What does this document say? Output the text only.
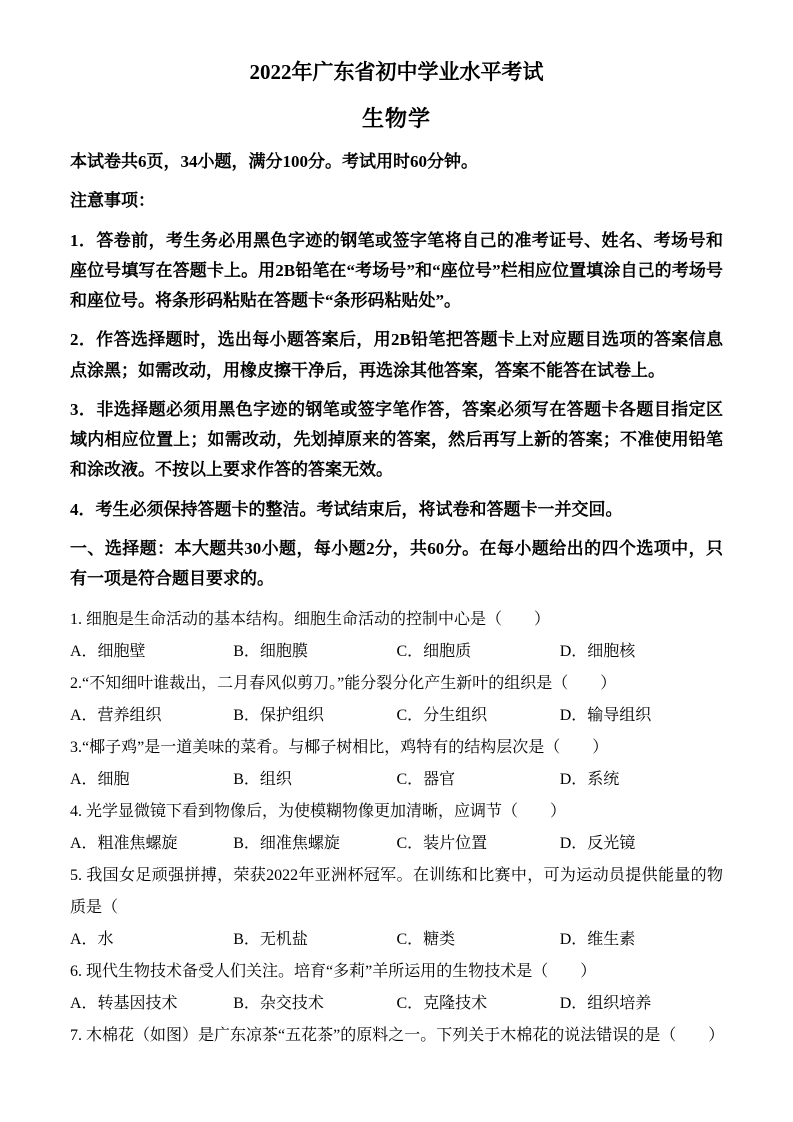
2022年广东省初中学业水平考试
生物学

本试卷共6页，34小题，满分100分。考试用时60分钟。

注意事项：

1．答卷前，考生务必用黑色字迹的钢笔或签字笔将自己的准考证号、姓名、考场号和座位号填写在答题卡上。用2B铅笔在“考场号”和“座位号”栏相应位置填涂自己的考场号和座位号。将条形码粘贴在答题卡“条形码粘贴处”。

2．作答选择题时，选出每小题答案后，用2B铅笔把答题卡上对应题目选项的答案信息点涂黑；如需改动，用橡皮擦干净后，再选涂其他答案，答案不能答在试卷上。

3．非选择题必须用黑色字迹的钢笔或签字笔作答，答案必须写在答题卡各题目指定区域内相应位置上；如需改动，先划掉原来的答案，然后再写上新的答案；不准使用铅笔和涂改液。不按以上要求作答的答案无效。

4．考生必须保持答题卡的整洁。考试结束后，将试卷和答题卡一并交回。

一、选择题：本大题共30小题，每小题2分，共60分。在每小题给出的四个选项中，只有一项是符合题目要求的。

1. 细胞是生命活动的基本结构。细胞生命活动的控制中心是（　　）

A．细胞壁	B．细胞膜	C．细胞质	D．细胞核

2.“不知细叶谁裁出，二月春风似剪刀。”能分裂分化产生新叶的组织是（　　）

A．营养组织	B．保护组织	C．分生组织	D．输导组织

3.“椰子鸡”是一道美味的菜肴。与椰子树相比，鸡特有的结构层次是（　　）

A．细胞	B．组织	C．器官	D．系统

4. 光学显微镜下看到物像后，为使模糊物像更加清晰，应调节（　　）

A．粗准焦螺旋	B．细准焦螺旋	C．装片位置	D．反光镜

5. 我国女足顽强拼搏，荣获2022年亚洲杯冠军。在训练和比赛中，可为运动员提供能量的物质是（

A．水	B．无机盐	C．糖类	D．维生素

6. 现代生物技术备受人们关注。培育“多莉”羊所运用的生物技术是（　　）

A．转基因技术	B．杂交技术	C．克隆技术	D．组织培养

7. 木棉花（如图）是广东凉茶“五花茶”的原料之一。下列关于木棉花的说法错误的是（　　）
